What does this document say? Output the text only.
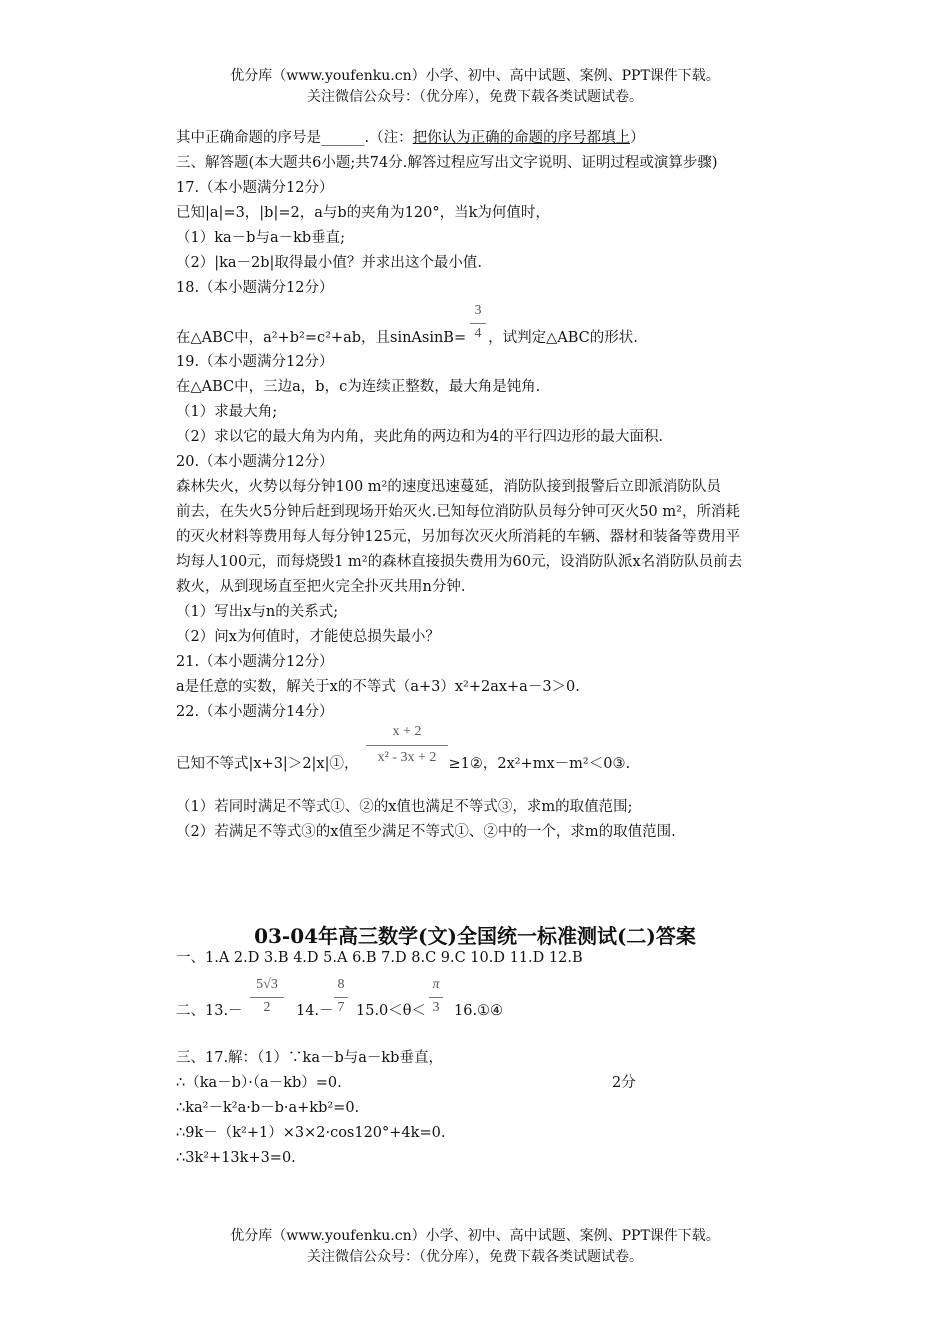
优分库（www.youfenku.cn）小学、初中、高中试题、案例、PPT课件下载。
关注微信公众号：（优分库），免费下载各类试题试卷。
其中正确命题的序号是______.（注：把你认为正确的命题的序号都填上）
三、解答题(本大题共6小题;共74分.解答过程应写出文字说明、证明过程或演算步骤)
17.（本小题满分12分）
已知|a|=3，|b|=2，a与b的夹角为120°，当k为何值时，
（1）ka－b与a－kb垂直;
（2）|ka－2b|取得最小值？并求出这个最小值.
18.（本小题满分12分）
3
4
在△ABC中，a²+b²=c²+ab，且sinAsinB= ，试判定△ABC的形状.
19.（本小题满分12分）
在△ABC中，三边a，b，c为连续正整数，最大角是钝角.
（1）求最大角;
（2）求以它的最大角为内角，夹此角的两边和为4的平行四边形的最大面积.
20.（本小题满分12分）
森林失火，火势以每分钟100 m²的速度迅速蔓延，消防队接到报警后立即派消防队员
前去，在失火5分钟后赶到现场开始灭火.已知每位消防队员每分钟可灭火50 m²，所消耗
的灭火材料等费用每人每分钟125元，另加每次灭火所消耗的车辆、器材和装备等费用平
均每人100元，而每烧毁1 m²的森林直接损失费用为60元，设消防队派x名消防队员前去
救火，从到现场直至把火完全扑灭共用n分钟.
（1）写出x与n的关系式;
（2）问x为何值时，才能使总损失最小？
21.（本小题满分12分）
a是任意的实数，解关于x的不等式（a+3）x²+2ax+a－3＞0.
22.（本小题满分14分）
x + 2
x² - 3x + 2
已知不等式|x+3|＞2|x|①，	≥1②，2x²+mx－m²＜0③.
（1）若同时满足不等式①、②的x值也满足不等式③，求m的取值范围;
（2）若满足不等式③的x值至少满足不等式①、②中的一个，求m的取值范围.
03-04年高三数学(文)全国统一标准测试(二)答案
一、1.A 2.D 3.B 4.D 5.A 6.B 7.D 8.C 9.C 10.D 11.D 12.B
5√3
2
8
7
π
3
二、13.－	14.－ 15.0＜θ＜ 16.①④
三、17.解：（1）∵ka－b与a－kb垂直，
∴（ka－b）·（a－kb）=0.	2分
∴ka²－k²a·b－b·a+kb²=0.
∴9k－（k²+1）×3×2·cos120°+4k=0.
∴3k²+13k+3=0.
优分库（www.youfenku.cn）小学、初中、高中试题、案例、PPT课件下载。
关注微信公众号：（优分库），免费下载各类试题试卷。
